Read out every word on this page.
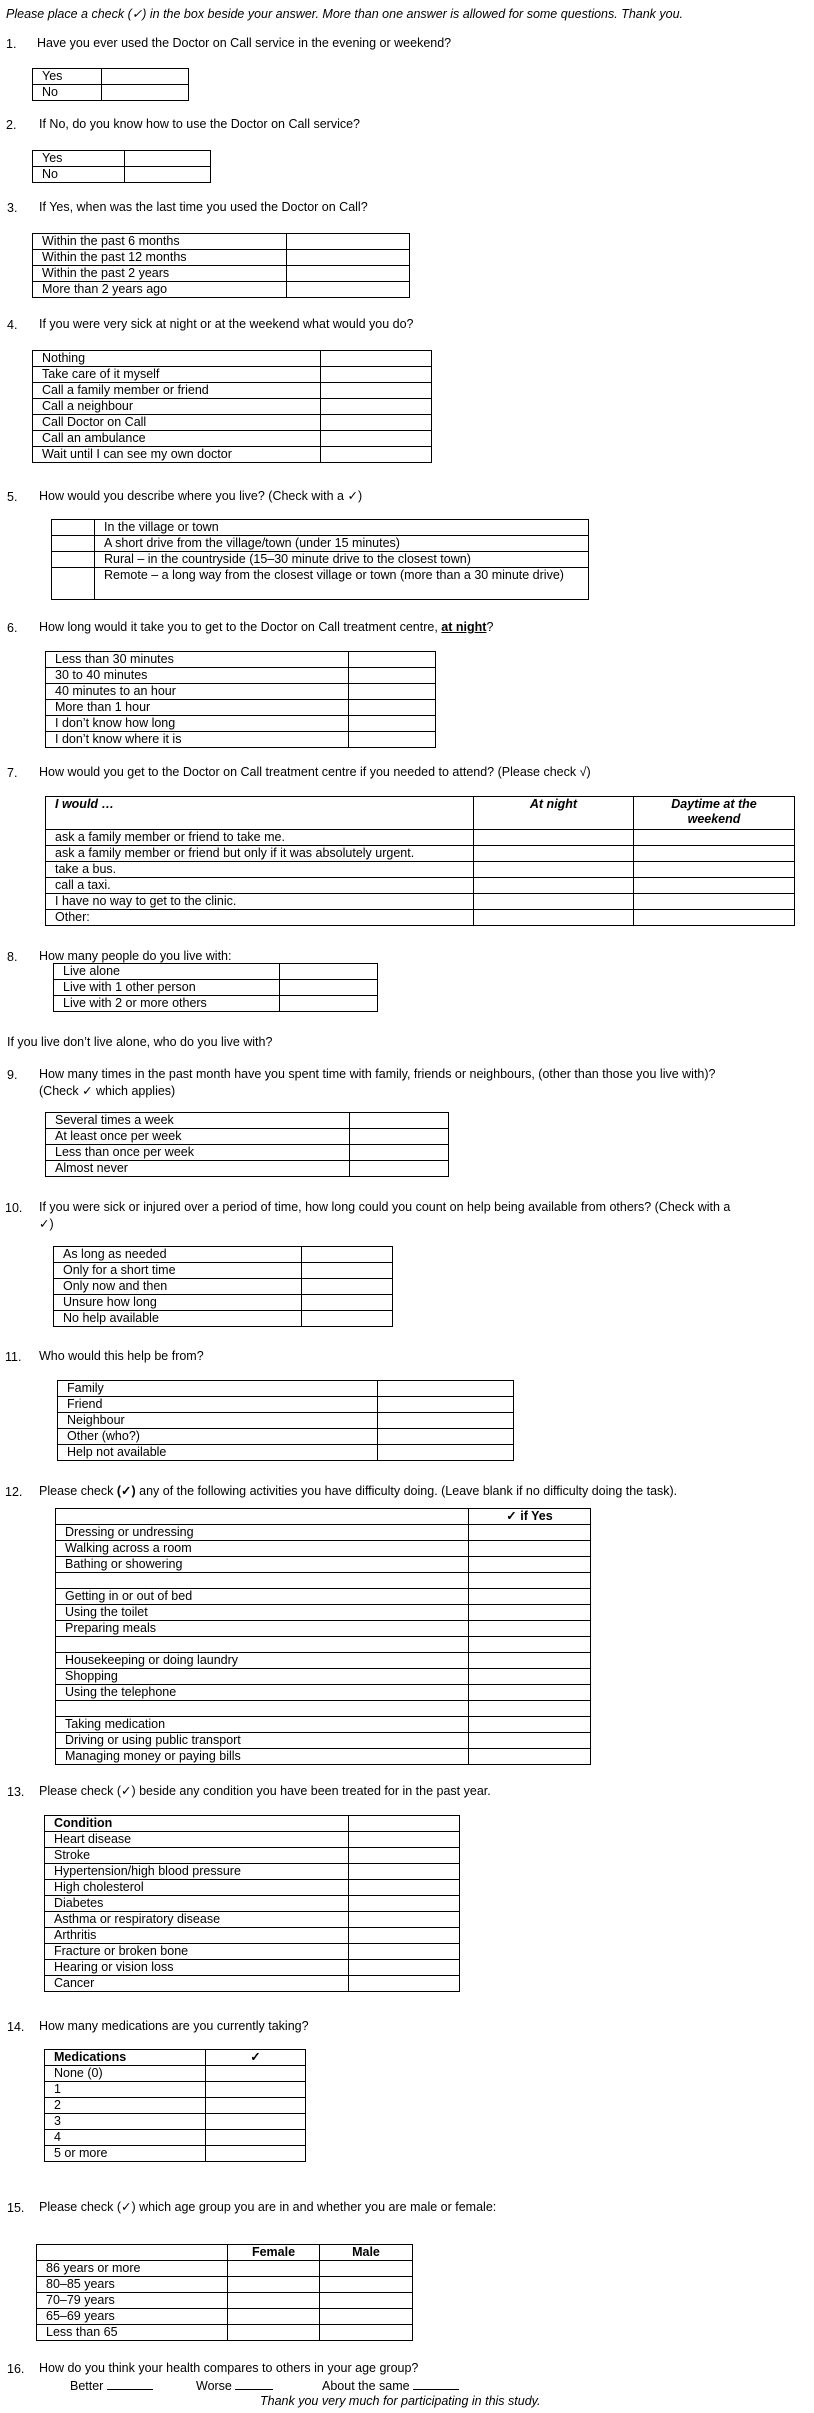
Please place a check (✓) in the box beside your answer. More than one answer is allowed for some questions. Thank you.
1. Have you ever used the Doctor on Call service in the evening or weekend?
Yes	
No	
2. If No, do you know how to use the Doctor on Call service?
Yes	
No	
3. If Yes, when was the last time you used the Doctor on Call?
Within the past 6 months	
Within the past 12 months	
Within the past 2 years	
More than 2 years ago	
4. If you were very sick at night or at the weekend what would you do?
Nothing	
Take care of it myself	
Call a family member or friend	
Call a neighbour	
Call Doctor on Call	
Call an ambulance	
Wait until I can see my own doctor	
5. How would you describe where you live? (Check with a ✓)
	In the village or town
	A short drive from the village/town (under 15 minutes)
	Rural – in the countryside (15–30 minute drive to the closest town)
	Remote – a long way from the closest village or town (more than a 30 minute drive)
6. How long would it take you to get to the Doctor on Call treatment centre, at night?
Less than 30 minutes	
30 to 40 minutes	
40 minutes to an hour	
More than 1 hour	
I don’t know how long	
I don’t know where it is	
7. How would you get to the Doctor on Call treatment centre if you needed to attend? (Please check √)
I would …	At night	Daytime at the weekend
ask a family member or friend to take me.		
ask a family member or friend but only if it was absolutely urgent.		
take a bus.		
call a taxi.		
I have no way to get to the clinic.		
Other:		
8. How many people do you live with:
Live alone	
Live with 1 other person	
Live with 2 or more others	
If you live don’t live alone, who do you live with?
9. How many times in the past month have you spent time with family, friends or neighbours, (other than those you live with)?
(Check ✓ which applies)
Several times a week	
At least once per week	
Less than once per week	
Almost never	
10. If you were sick or injured over a period of time, how long could you count on help being available from others? (Check with a
✓)
As long as needed	
Only for a short time	
Only now and then	
Unsure how long	
No help available	
11. Who would this help be from?
Family	
Friend	
Neighbour	
Other (who?)	
Help not available	
12. Please check (✓) any of the following activities you have difficulty doing. (Leave blank if no difficulty doing the task).
	✓ if Yes
Dressing or undressing	
Walking across a room	
Bathing or showering	

Getting in or out of bed	
Using the toilet	
Preparing meals	

Housekeeping or doing laundry	
Shopping	
Using the telephone	

Taking medication	
Driving or using public transport	
Managing money or paying bills	
13. Please check (✓) beside any condition you have been treated for in the past year.
Condition	
Heart disease	
Stroke	
Hypertension/high blood pressure	
High cholesterol	
Diabetes	
Asthma or respiratory disease	
Arthritis	
Fracture or broken bone	
Hearing or vision loss	
Cancer	
14. How many medications are you currently taking?
Medications	✓
None (0)	
1	
2	
3	
4	
5 or more	
15. Please check (✓) which age group you are in and whether you are male or female:
	Female	Male
86 years or more		
80–85 years		
70–79 years		
65–69 years		
Less than 65		
16. How do you think your health compares to others in your age group?
Better	Worse	About the same
Thank you very much for participating in this study.
